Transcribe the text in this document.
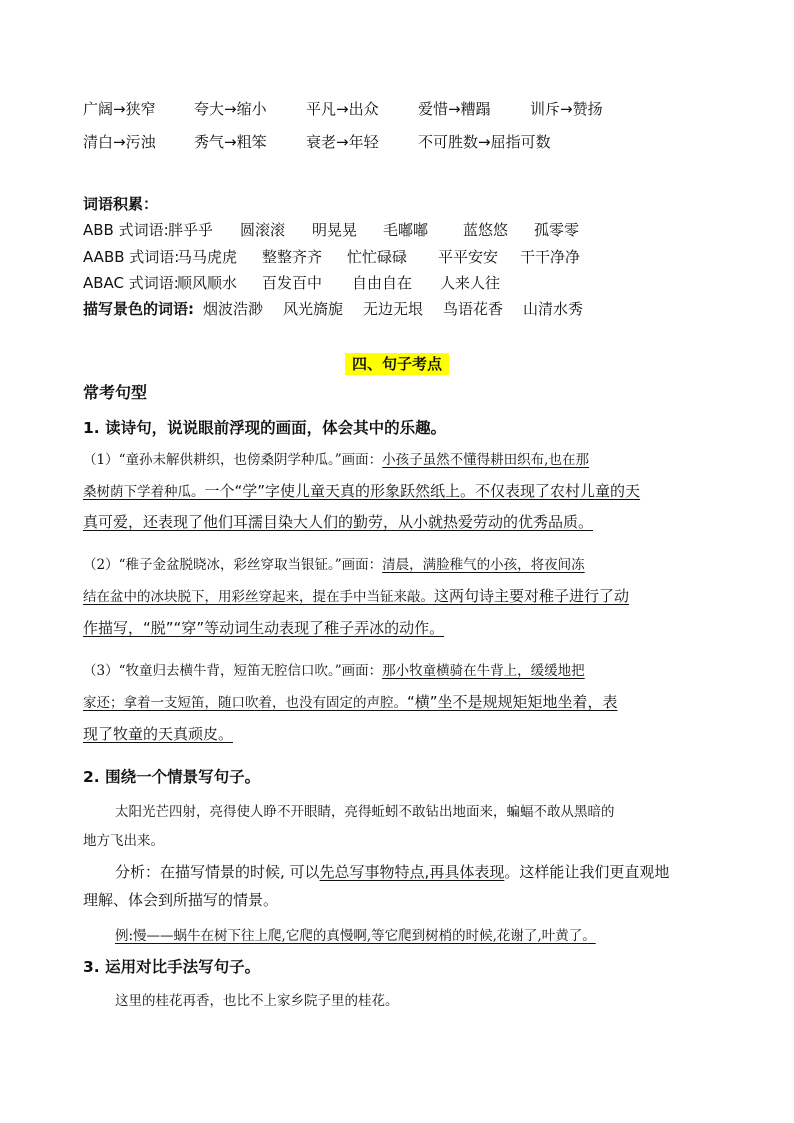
广阔→狭窄	夸大→缩小	平凡→出众	爱惜→糟蹋	训斥→赞扬
清白→污浊	秀气→粗笨	衰老→年轻	不可胜数→屈指可数
词语积累：
ABB 式词语: 胖乎乎 圆滚滚 明晃晃 毛嘟嘟 蓝悠悠 孤零零
AABB 式词语:
马马虎虎 整整齐齐 忙忙碌碌 平平安安 干干净净
ABAC 式词语:
顺风顺水 百发百中 自由自在 人来人往
描写景色的词语: 烟波浩渺 风光旖旎 无边无垠 鸟语花香 山清水秀
四、句子考点
常考句型
1. 读诗句，说说眼前浮现的画面，体会其中的乐趣。
（1）“童孙未解供耕织，也傍桑阴学种瓜。”画面：小孩子虽然不懂得耕田织布,也在那
桑树荫下学着种瓜。一个“学”字使儿童天真的形象跃然纸上。不仅表现了农村儿童的天
真可爱，还表现了他们耳濡目染大人们的勤劳，从小就热爱劳动的优秀品质。
（2）“稚子金盆脱晓冰，彩丝穿取当银钲。”画面：清晨，满脸稚气的小孩，将夜间冻
结在盆中的冰块脱下，用彩丝穿起来，提在手中当钲来敲。这两句诗主要对稚子进行了动
作描写，“脱”“穿”等动词生动表现了稚子弄冰的动作。
（3）“牧童归去横牛背，短笛无腔信口吹。”画面：那小牧童横骑在牛背上，缓缓地把
家还；拿着一支短笛，随口吹着，也没有固定的声腔。“横”坐不是规规矩矩地坐着，表
现了牧童的天真顽皮。
2. 围绕一个情景写句子。
太阳光芒四射，亮得使人睁不开眼睛，亮得蚯蚓不敢钻出地面来，蝙蝠不敢从黑暗的
地方飞出来。
分析：在描写情景的时候, 可以先总写事物特点,再具体表现。这样能让我们更直观地
理解、体会到所描写的情景。
例:慢——蜗牛在树下往上爬,它爬的真慢啊,等它爬到树梢的时候,花谢了,叶黄了。
3. 运用对比手法写句子。
这里的桂花再香，也比不上家乡院子里的桂花。
